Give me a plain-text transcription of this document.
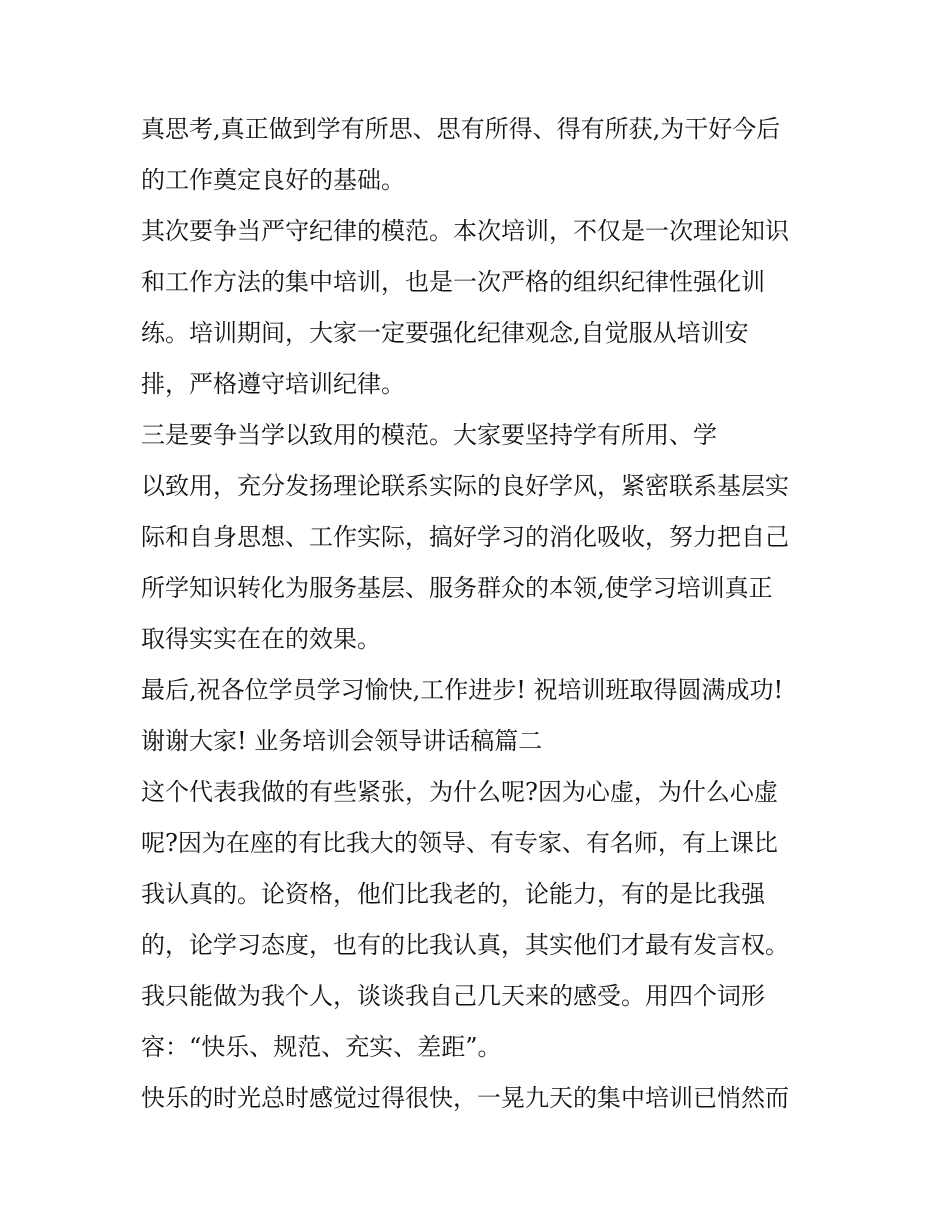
真思考,真正做到学有所思、思有所得、得有所获,为干好今后
的工作奠定良好的基础。
其次要争当严守纪律的模范。本次培训，不仅是一次理论知识
和工作方法的集中培训，也是一次严格的组织纪律性强化训
练。培训期间，大家一定要强化纪律观念,自觉服从培训安
排，严格遵守培训纪律。
三是要争当学以致用的模范。大家要坚持学有所用、学
以致用，充分发扬理论联系实际的良好学风，紧密联系基层实
际和自身思想、工作实际，搞好学习的消化吸收，努力把自己
所学知识转化为服务基层、服务群众的本领,使学习培训真正
取得实实在在的效果。
最后,祝各位学员学习愉快,工作进步! 祝培训班取得圆满成功!
谢谢大家! 业务培训会领导讲话稿篇二
这个代表我做的有些紧张，为什么呢?因为心虚，为什么心虚
呢?因为在座的有比我大的领导、有专家、有名师，有上课比
我认真的。论资格，他们比我老的，论能力，有的是比我强
的，论学习态度，也有的比我认真，其实他们才最有发言权。
我只能做为我个人，谈谈我自己几天来的感受。用四个词形
容：“快乐、规范、充实、差距”。
快乐的时光总时感觉过得很快，一晃九天的集中培训已悄然而
